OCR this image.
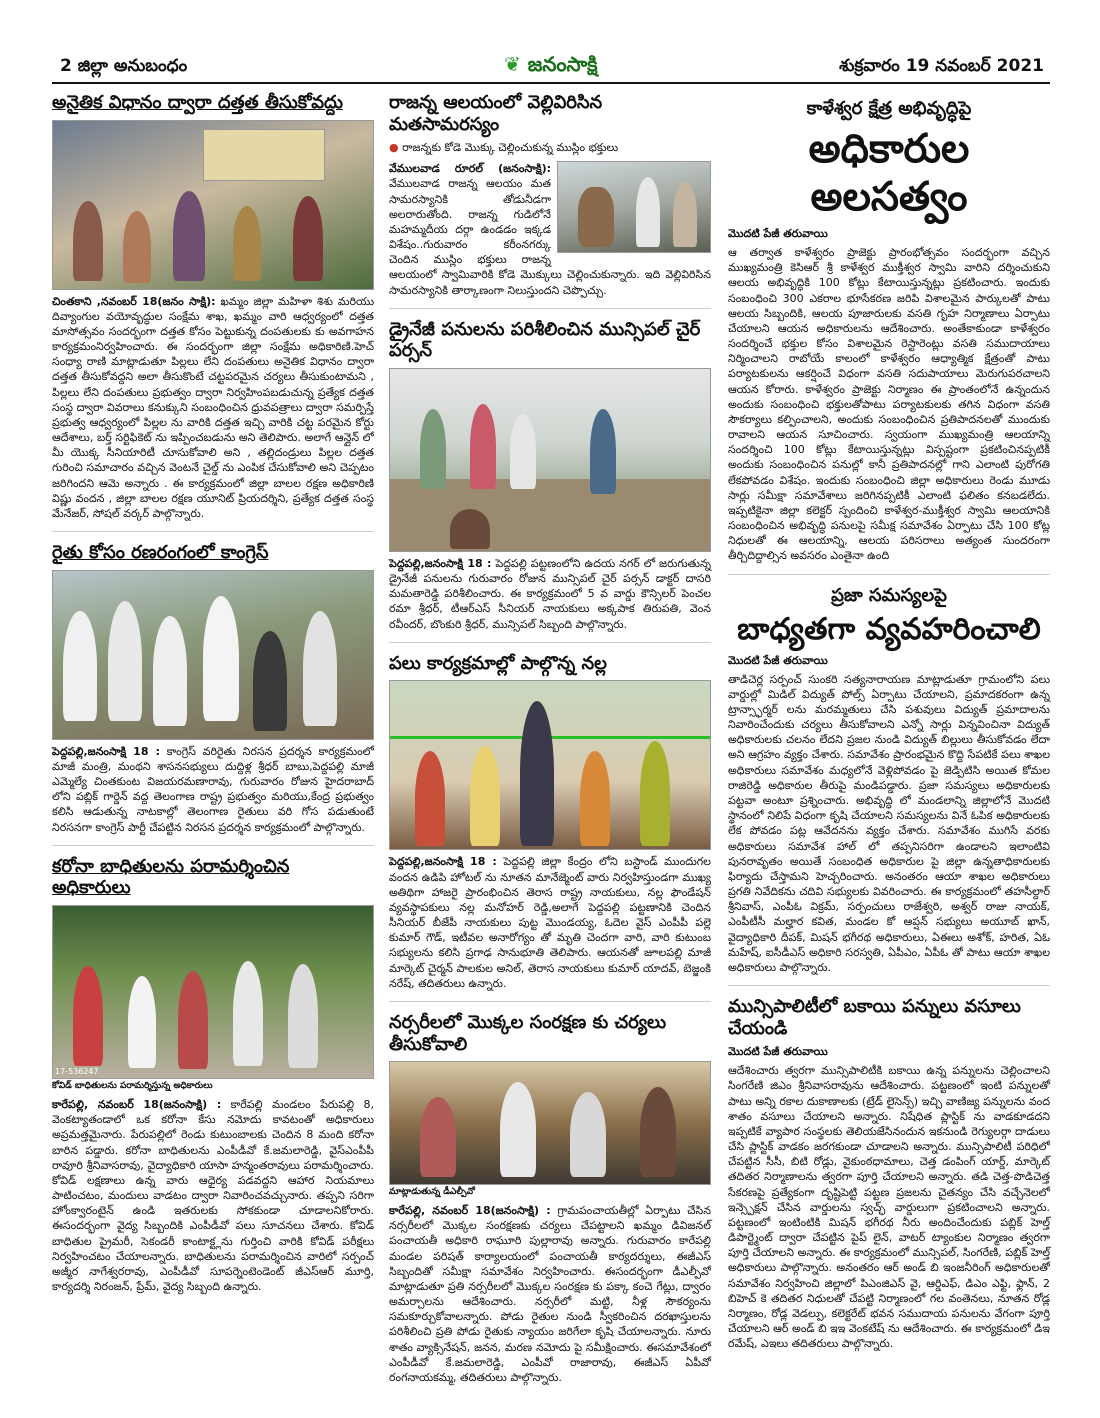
2 జిల్లా అనుబంధం	❦ జనంసాక్షి	శుక్రవారం 19 నవంబర్ 2021
అనైతిక విధానం ద్వారా దత్తత తీసుకోవద్దు

చింతకాని ,నవంబర్ 18(జనం సాక్షి): ఖమ్మం జిల్లా మహిళా శిశు మరియు దివ్యాంగుల వయోవృద్ధుల సంక్షేమ శాఖ, ఖమ్మం వారి ఆధ్వర్యంలో దత్తత మాసోత్సవం సందర్భంగా దత్తత కోసం పెట్టుకున్న దంపతులకు కు అవగాహన కార్యక్రమంనిర్వహించారు. ఈ సందర్భంగా జిల్లా సంక్షేమ అధికారిణి.హెచ్ సంధ్యా రాణి మాట్లాడుతూ పిల్లలు లేని దంపతులు అనైతిక విధానం ద్వారా దత్తత తీసుకోవద్దని అలా తీసుకొంటే చట్టపరమైన చర్యలు తీసుకుంటామని , పిల్లలు లేని దంపతులు ప్రభుత్వం ద్వారా నిర్వహింపబడుచున్న ప్రత్యేక దత్తత సంస్థ ద్వారా వివరాలు కనుక్కుని సంబంధించిన ధ్రువపత్రాలు ద్వారా సమర్పిస్తే ప్రభుత్వ ఆధ్వర్యంలో పిల్లల ను వారికి దత్తత ఇచ్చి వారికి చట్ట పరమైన కోర్టు ఆదేశాలు, బర్త్ సర్టిఫికెట్ ను ఇప్పించబడును అని తెలిపారు. అలాగే ఆన్లైన్ లో మీ యొక్క సీనియారిటీ చూసుకోవాలి అని , తల్లిదండ్రులు పిల్లల దత్తత గురించి సమాచారం వచ్చిన వెంటనే చైల్డ్ ను ఎంపిక చేసుకోవాలి అని చెప్పటం జరిగిందని ఆమె అన్నారు . ఈ కార్యక్రమంలో జిల్లా బాలల రక్షణ అధికారిణి విష్ణు వందన , జిల్లా బాలల రక్షణ యూనిట్ ప్రియదర్శిని, ప్రత్యేక దత్తత సంస్థ మేనేజర్, సోషల్ వర్కర్ పాల్గొన్నారు.

రైతు కోసం రణరంగంలో కాంగ్రెస్

పెద్దపల్లి,జనంసాక్షి 18 : కాంగ్రెస్ వరిరైతు నిరసన ప్రదర్శన కార్యక్రమంలో మాజీ మంత్రి, మంథని శాసనసభ్యులు దుద్దిళ్ల శ్రీధర్ బాబు,పెద్దపల్లి మాజీ ఎమ్మెల్యే చింతకుంట విజయరమణారావు, గురువారం రోజున హైదరాబాద్ లోని పబ్లిక్ గార్డెన్ వద్ద తెలంగాణ రాష్ట్ర ప్రభుత్వం మరియు,కేంద్ర ప్రభుత్వం కలిసి ఆడుతున్న నాటకాల్లో తెలంగాణ రైతులు వరి గోస పడుతుంటే నిరసనగా కాంగ్రెస్ పార్టీ చేపట్టిన నిరసన ప్రదర్శన కార్యక్రమంలో పాల్గొన్నారు.

కరోనా బాధితులను పరామర్శించిన అధికారులు
17-536247
కోవిడ్ బాధితులను పరామర్శిస్తున్న అధికారులు

కారేపల్లి, నవంబర్ 18(జనంసాక్షి) : కారేపల్లి మండలం పేరుపల్లి 8, వెంకట్యాతండాలో ఒక కరోనా కేసు నమోదు కావటంతో అధికారులు అప్రమత్తమైనారు. పేరుపల్లిలో రెండు కుటుంబాలకు చెందిన 8 మంది కరోనా బారిన పడ్డారు. కరోనా బాధితులను ఎంపీడీవో కే.జమలారెడ్డి, వైస్ఎంపీపీ రావూరి శ్రీనివాసరావు, వైద్యాధికారి యాసా హన్మంతరావులు పరామర్శించారు. కోవిడ్ లక్షణాలు ఉన్న వారు ఆధైర్య పడవద్దని ఆహార నియమాలు పాటించటం, మందులు వాడటం ద్వారా నివారించవచ్చునారు. తప్పని సరిగా హోంక్వారంటైన్ ఉండి ఇతరులకు సోకకుండా చూడాలనికోరారు. ఈసందర్భంగా వైద్య సిబ్బందికి ఎంపీడీవో పలు సూచనలు చేశారు. కోవిడ్ బాధితుల ప్రైమరీ, సెకండరీ కాంటాక్ట్లను గుర్తించి వారికి కోవిడ్ పరీక్షలు నిర్వహించటం చేయాలన్నారు. బాధితులను పరామర్శించిన వారిలో సర్పంచ్ అజ్మీర నాగేశ్వరరావు, ఎంపీడీవో సూపర్నెంటెండెంట్ జీఎస్ఆర్ మూర్తి, కార్యదర్శి నిరంజన్, ప్రేమ్, వైద్య సిబ్బంది ఉన్నారు.

రాజన్న ఆలయంలో వెల్లివిరిసిన మతసామరస్యం
● రాజన్నకు కోడె మొక్కు చెల్లించుకున్న ముస్లిం భక్తులు

వేములవాడ రూరల్ (జనంసాక్షి): వేములవాడ రాజన్న ఆలయం మత సామరస్యానికి తోడునీడగా అలరారుతోంది. రాజన్న గుడిలోనే మహమ్మదీయ దర్గా ఉండడం ఇక్కడ విశేషం..గురువారం కరీంనగర్కు చెందిన ముస్లిం భక్తులు రాజన్న ఆలయంలో స్వామివారికి కోడె మొక్కులు చెల్లించుకున్నారు. ఇది వెల్లివిరిసిన సామరస్యానికి తార్కాణంగా నిలుస్తుందని చెప్పొచ్చు.

డ్రైనేజీ పనులను పరిశీలించిన మున్సిపల్ చైర్ పర్సన్

పెద్దపల్లి,జనంసాక్షి 18 : పెద్దపల్లి పట్టణంలోని ఉదయ నగర్ లో జరుగుతున్న డ్రైనేజీ పనులను గురువారం రోజున మున్సిపల్ చైర్ పర్సన్ డాక్టర్ దాసరి మమతారెడ్డి పరిశీలించారు. ఈ కార్యక్రమంలో 5 వ వార్డు కౌన్సిలర్ పెంచల రమా శ్రీధర్, టీఆర్ఎస్ సీనియర్ నాయకులు అక్కపాక తిరుపతి, వెంన రవీందర్, బొంకురి శ్రీధర్, మున్సిపల్ సిబ్బంది పాల్గొన్నారు.

పలు కార్యక్రమాల్లో పాల్గొన్న నల్ల

పెద్దపల్లి,జనంసాక్షి 18 : పెద్దపల్లి జిల్లా కేంద్రం లోని బస్టాండ్ ముందుగల వందన ఉడిపి హోటల్ ను నూతన మానేజ్మెంట్ వారు నిర్వహిస్తుండగా ముఖ్య అతిథిగా హాజరై ప్రారంభించిన తెరాస రాష్ట్ర నాయకులు, నల్ల ఫౌండేషన్ వ్యవస్థాపకులు నల్ల మనోహర్ రెడ్డి,అలాగే పెద్దపల్లి పట్టణానికి చెందిన సీనియర్ బీజేపీ నాయకులు పుట్ట మొండయ్య, ఓదెల వైస్ ఎంపీపీ పల్లె కుమార్ గౌడ్, ఇటీవల అనారోగ్యం తో మృతి చెందగా వారి, వారి కుటుంబ సభ్యులను కలిసి ప్రగాఢ సానుభూతి తెలిపారు. ఆయనతో జూలపల్లి మాజీ మార్కెట్ చైర్మన్ పాలకుల అనిల్, తెరాస నాయకులు కుమార్ యాదవ్, బెజ్జంకి నరేష్, తదితరులు ఉన్నారు.

నర్సరీలలో మొక్కల సంరక్షణ కు చర్యలు తీసుకోవాలి
మాట్లాడుతున్న డీఎల్పీవో

కారేపల్లి, నవంబర్ 18(జనంసాక్షి) : గ్రామపంచాయతీల్లో ఏర్పాటు చేసిన నర్సరీలలో మొక్కల సంరక్షణకు చర్యలు చేపట్టాలని ఖమ్మం డివిజనల్ పంచాయతీ అధికారి రాఘూరి పుల్లారావు అన్నారు. గురువారం కారేపల్లి మండల పరిషత్ కార్యాలయంలో పంచాయతీ కార్యదర్శులు, ఈజీఎస్ సిబ్బందితో సమీక్షా సమావేశం నిర్వహించారు. ఈసందర్భంగా డీఎల్పీవో మాట్లాడుతూ ప్రతి నర్సరీలలో మొక్కల సంరక్షణ కు పక్కా కంచె గేట్లు, ద్వారం అమర్చాలను ఆదేశించారు. నర్సరీలో మట్టి, నీళ్ల సౌకర్యంను సమకూర్చుకోవాలన్నారు. పోడు రైతుల నుండి స్వీకరించిన దరఖాస్తులను పరిశీలించి ప్రతి పోడు రైతుకు న్యాయం జరిగేలా కృషి చేయాలన్నారు. నూరు శాతం వ్యాక్సినేషన్, జనన, మరణ నమోదు పై సమీక్షించారు. ఈసమావేశంలో ఎంపీడీవో కే.జమలారెడ్డి, ఎంపీవో రాజారావు, ఈజీఎస్ ఏపీవో రంగనాయకమ్మ, తదితరులు పాల్గొన్నారు.

కాళేశ్వర క్షేత్ర అభివృద్ధిపై
అధికారుల అలసత్వం
మొదటి పేజీ తరువాయి

ఆ తర్వాత కాళేశ్వరం ప్రాజెక్టు ప్రారంభోత్సవం సందర్భంగా వచ్చిన ముఖ్యమంత్రి కెసిఆర్ శ్రీ కాళేశ్వర ముక్తీశ్వర స్వామి వారిని దర్శించుకుని ఆలయ అభివృద్ధికి 100 కోట్లు కేటాయిస్తున్నట్లు ప్రకటించారు. ఇందుకు సంబంధించి 300 ఎకరాల భూసేకరణ జరిపి విశాలమైన పార్కులతో పాటు ఆలయ సిబ్బందికి, ఆలయ పూజారులకు వసతి గృహ నిర్మాణాలు ఏర్పాటు చేయాలని ఆయన అధికారులను ఆదేశించారు. అంతేకాకుండా కాళేశ్వరం సందర్శించే భక్తుల కోసం విశాలమైన రెస్టారెంట్లు వసతి సముదాయాలు నిర్మించాలని రాబోయే కాలంలో కాళేశ్వరం ఆధ్యాత్మిక క్షేత్రంతో పాటు పర్యాటకులను ఆకర్షించే విధంగా వసతి సదుపాయాలు మెరుగుపరచాలని ఆయన కోరారు. కాళేశ్వరం ప్రాజెక్టు నిర్మాణం ఈ ప్రాంతంలోనే ఉన్నందున అందుకు సంబంధించి భక్తులతోపాటు పర్యాటకులకు తగిన విధంగా వసతి సౌకర్యాలు కల్పించాలని, అందుకు సంబంధించిన ప్రతిపాదనలతో ముందుకు రావాలని ఆయన సూచించారు. స్వయంగా ముఖ్యమంత్రి ఆలయాన్ని సందర్శించి 100 కోట్లు కేటాయిస్తున్నట్లు విస్పష్టంగా ప్రకటించినప్పటికీ అందుకు సంబంధించిన పనుల్లో కానీ ప్రతిపాదనల్లో గాని ఎలాంటి పురోగతి లేకపోవడం విశేషం. ఇందుకు సంబంధించి జిల్లా అధికారులు రెండు మూడు సార్లు సమీక్షా సమావేశాలు జరిగినప్పటికీ ఎలాంటి ఫలితం కనబడలేదు. ఇప్పటికైనా జిల్లా కలెక్టర్ స్పందించి కాళేశ్వర-ముక్తీశ్వర స్వామి ఆలయానికి సంబంధించిన అభివృద్ధి పనులపై సమీక్ష సమావేశం ఏర్పాటు చేసి 100 కోట్ల నిధులతో ఈ ఆలయాన్ని, ఆలయ పరిసరాలు అత్యంత సుందరంగా తీర్చిదిద్దాల్సిన అవసరం ఎంతైనా ఉంది

ప్రజా సమస్యలపై
బాధ్యతగా వ్యవహరించాలి
మొదటి పేజీ తరువాయి

తాడిచెర్ల సర్పంచ్ సుంకరి సత్యనారాయణ మాట్లాడుతూ గ్రామంలోని పలు వార్డుల్లో మిడిల్ విద్యుత్ పోల్స్ ఏర్పాటు చేయాలని, ప్రమాదకరంగా ఉన్న ట్రాన్స్ఫార్మర్ లను మరమ్మతులు చేసి పశువులు విద్యుత్ ప్రమాదాలను నివారించేందుకు చర్యలు తీసుకోవాలని ఎన్నో సార్లు విన్నవించినా విద్యుత్ అధికారులకు చలనం లేదని ప్రజల నుండి విద్యుత్ బిల్లులు తీసుకోవడం లేదా అని ఆగ్రహం వ్యక్తం చేశారు. సమావేశం ప్రారంభమైన కొద్ది సేపటికే పలు శాఖల అధికారులు సమావేశం మధ్యలోనే వెళ్లిపోవడం పై జెడ్పిటిసి అయిత కోమల రాజిరెడ్డి అధికారుల తీరుపై మండిపడ్డారు. ప్రజా సమస్యలు అధికారులకు పట్టవా అంటూ ప్రశ్నించారు. అభివృద్ధి లో మండలాన్ని జిల్లాలోనే మొదటి స్థానంలో నిలిపే విధంగా కృషి చేయాలని సమస్యలను వినే ఓపిక అధికారులకు లేక పోవడం పట్ల ఆవేదనను వ్యక్తం చేశారు. సమావేశం ముగిసే వరకు అధికారులు సమావేశ హాల్ లో తప్పనిసరిగా ఉండాలని ఇలాంటివి పునరావృతం అయితే సంబంధిత అధికారుల పై జిల్లా ఉన్నతాధికారులకు ఫిర్యాదు చేస్తామని హెచ్చరించారు. అనంతరం ఆయా శాఖల అధికారులు ప్రగతి నివేదికను చదివి సభ్యులకు వివరించారు. ఈ కార్యక్రమంలో తహసీల్దార్ శ్రీనివాస్, ఎంపీఓ విక్రమ్, సర్పంచులు రాజేశ్వరి, అశ్వర్ రాజు నాయక్, ఎంపీటీసీ మల్హార కవిత, మండల కో ఆప్షన్ సభ్యులు అయూబ్ ఖాన్, వైద్యాధికారి దీపక్, మిషన్ భగీరథ అధికారులు, ఏఈలు అశోక్, హరిత, ఏఓ మహేష్, ఐసీడీఎస్ అధికారి సరస్వతి, ఏపీఎం, ఏపీఓ తో పాటు ఆయా శాఖల అధికారులు పాల్గొన్నారు.

మున్సిపాలిటీలో బకాయి పన్నులు వసూలు చేయండి
మొదటి పేజీ తరువాయి

ఆదేశించారు త్వరగా మున్సిపాలిటీకి బకాయి ఉన్న పన్నులను చెల్లించాలని సింగరేణి జిఎం శ్రీనివాసరావును ఆదేశించారు. పట్టణంలో ఇంటి పన్నులతో పాటు అన్ని రకాల దుకాణాలకు (ట్రేడ్ లైసెన్స్) ఇచ్చి వాణిజ్య పన్నులను వంద శాతం వసూలు చేయాలని అన్నారు. నిషేధిత ప్లాస్టిక్ ను వాడకూడదని ఇప్పటికే వ్యాపార సంస్థలకు తెలియజేసినందున ఇకనుండి రెగ్యులర్గా దాడులు చేసి ప్లాస్టిక్ వాడకం జరగకుండా చూడాలని అన్నారు. మున్సిపాలిటీ పరిధిలో చేపట్టిన సీసీ, బిటి రోడ్లు, వైకుంఠధామాలు, చెత్త డంపింగ్ యార్డ్, మార్కెట్ తదితర నిర్మాణాలను త్వరగా పూర్తి చేయాలని అన్నారు. తడి చెత్త-పొడిచెత్త సేకరణపై ప్రత్యేకంగా దృష్టిపెట్టి పట్టణ ప్రజలను చైతన్యం చేసి వచ్చేనెలలో ఇన్స్పెక్షన్ చేసిన వార్డులను స్వచ్ఛ్ వార్డులుగా ప్రకటించాలని అన్నారు. పట్టణంలో ఇంటింటికి మిషన్ భగీరథ నీరు అందించేందుకు పబ్లిక్ హెల్త్ డిపార్ట్మెంట్ ద్వారా చేపట్టిన పైప్ లైన్, వాటర్ ట్యాంకుల నిర్మాణం త్వరగా పూర్తి చేయాలని అన్నారు. ఈ కార్యక్రమంలో మున్సిపల్, సింగరేణి, పబ్లిక్ హెల్త్ అధికారులు పాల్గొన్నారు. అనంతరం ఆర్ అండ్ బి ఇంజనీరింగ్ అధికారులతో సమావేశం నిర్వహించి జిల్లాలో పిఎంజిఎస్ వై, ఆర్డిఎఫ్, డిఎం ఎఫ్టి, ఫ్లాన్, 2 బిహెచ్ కె తదితర నిధులతో చేపట్టి నిర్మాణంలో గల వంతెనలు, నూతన రోడ్ల నిర్మాణం, రోడ్ల వెడల్పు, కలెక్టరేట్ భవన సముదాయ పనులను వేగంగా పూర్తి చేయాలని ఆర్ అండ్ బి ఇఇ వెంకటేష్ ను ఆదేశించారు. ఈ కార్యక్రమంలో డిఇ రమేష్, ఎఇలు తదితరులు పాల్గొన్నారు.
